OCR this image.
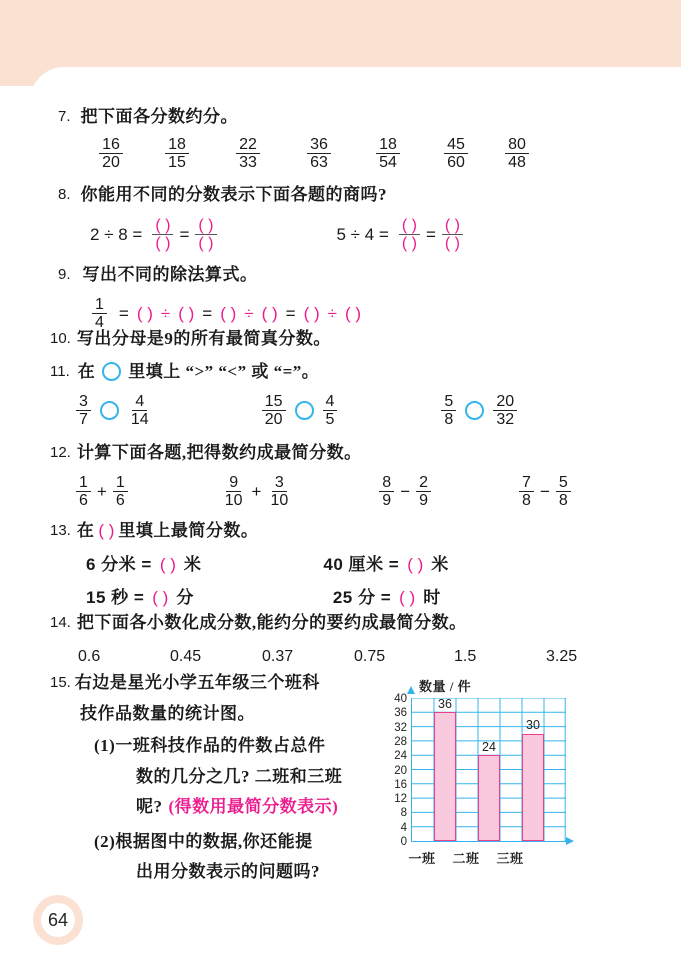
7. 把下面各分数约分。
$\frac{16}{20} \frac{18}{15} \frac{22}{33} \frac{36}{63} \frac{18}{54} \frac{45}{60} \frac{80}{48}$
8. 你能用不同的分数表示下面各题的商吗?
$2 \div 8 = \frac{( )}{( )} = \frac{( )}{( )}$	$5 \div 4 = \frac{( )}{( )} = \frac{( )}{( )}$
9. 写出不同的除法算式。
$\frac{1}{4}$ = ( ) ÷ ( ) = ( ) ÷ ( ) = ( ) ÷ ( )
10. 写出分母是9的所有最简真分数。
11. 在 里填上 “>” “<” 或 “=”。
$\frac{3}{7} \frac{4}{14}$	$\frac{15}{20} \frac{4}{5}$	$\frac{5}{8} \frac{20}{32}$
12. 计算下面各题,把得数约成最简分数。
$\frac{1}{6} + \frac{1}{6}$	$\frac{9}{10} + \frac{3}{10}$	$\frac{8}{9} - \frac{2}{9}$	$\frac{7}{8} - \frac{5}{8}$
13. 在 ( ) 里填上最简分数。
6 分米 = ( ) 米	40 厘米 = ( ) 米
15 秒 = ( ) 分	25 分 = ( ) 时
14. 把下面各小数化成分数,能约分的要约成最简分数。
0.6	0.45	0.37	0.75	1.5	3.25
15. 右边是星光小学五年级三个班科
技作品数量的统计图。
(1) 一班科技作品的件数占总件
数的几分之几? 二班和三班
呢? (得数用最简分数表示)
(2) 根据图中的数据,你还能提
出用分数表示的问题吗?
数量 / 件
40
36
32
28
24
20
16
12
8
4
0
36
24
30
一班	二班	三班
64
